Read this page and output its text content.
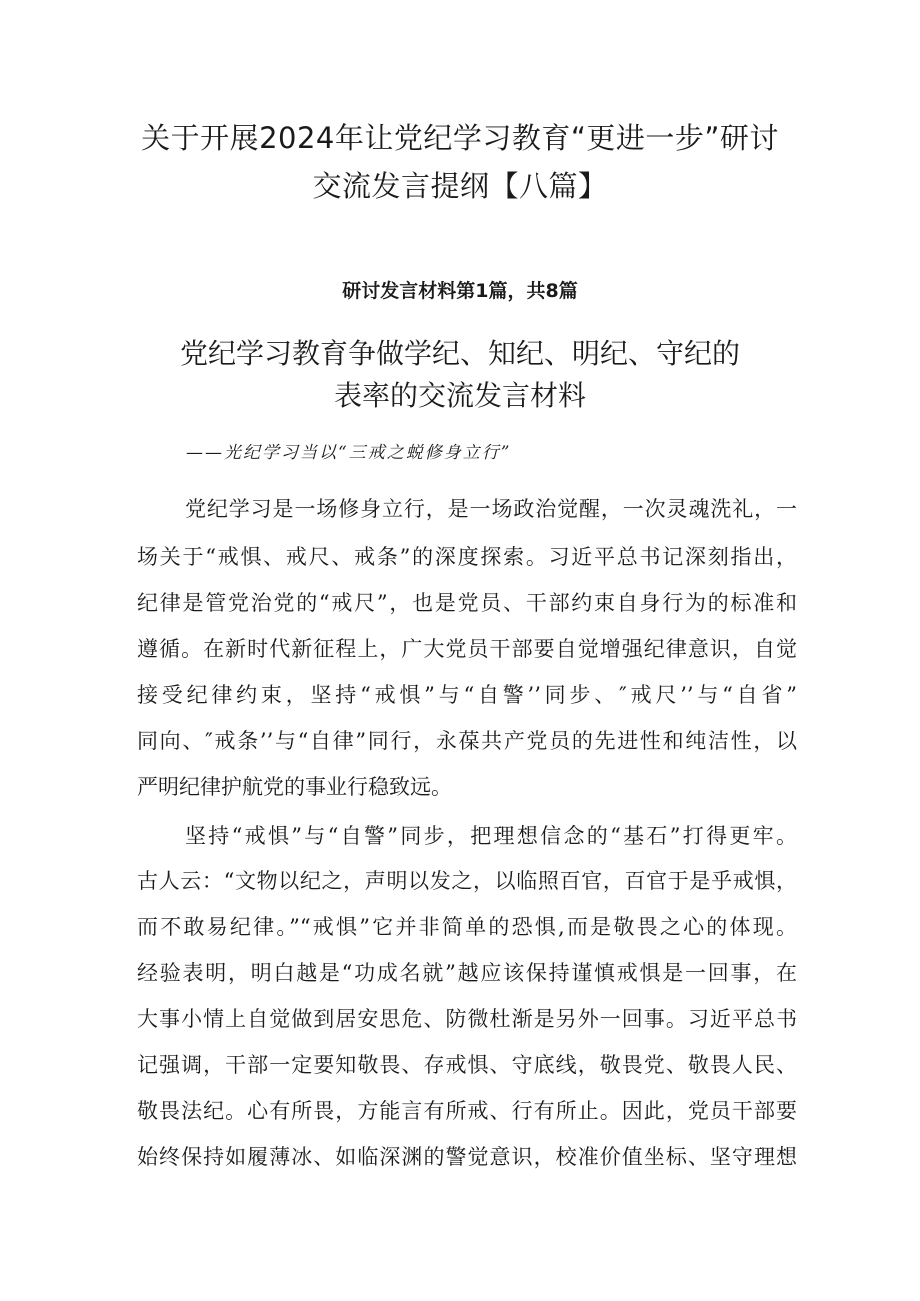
关于开展2024年让党纪学习教育“更进一步”研讨
交流发言提纲【八篇】
研讨发言材料第1篇，共8篇
党纪学习教育争做学纪、知纪、明纪、守纪的
表率的交流发言材料
——光纪学习当以“三戒之蜕修身立行”
党纪学习是一场修身立行，是一场政治觉醒，一次灵魂洗礼，一
场关于“戒惧、戒尺、戒条”的深度探索。习近平总书记深刻指出，
纪律是管党治党的“戒尺”，也是党员、干部约束自身行为的标准和
遵循。在新时代新征程上，广大党员干部要自觉增强纪律意识，自觉
接受纪律约束，坚持“戒惧”与“自警’’同步、″戒尺’’与“自省”
同向、″戒条’’与“自律”同行，永葆共产党员的先进性和纯洁性，以
严明纪律护航党的事业行稳致远。
坚持“戒惧”与“自警”同步，把理想信念的“基石”打得更牢。
古人云：“文物以纪之，声明以发之，以临照百官，百官于是乎戒惧，
而不敢易纪律。”“戒惧”它并非简单的恐惧,而是敬畏之心的体现。
经验表明，明白越是“功成名就”越应该保持谨慎戒惧是一回事，在
大事小情上自觉做到居安思危、防微杜渐是另外一回事。习近平总书
记强调，干部一定要知敬畏、存戒惧、守底线，敬畏党、敬畏人民、
敬畏法纪。心有所畏，方能言有所戒、行有所止。因此，党员干部要
始终保持如履薄冰、如临深渊的警觉意识，校准价值坐标、坚守理想
